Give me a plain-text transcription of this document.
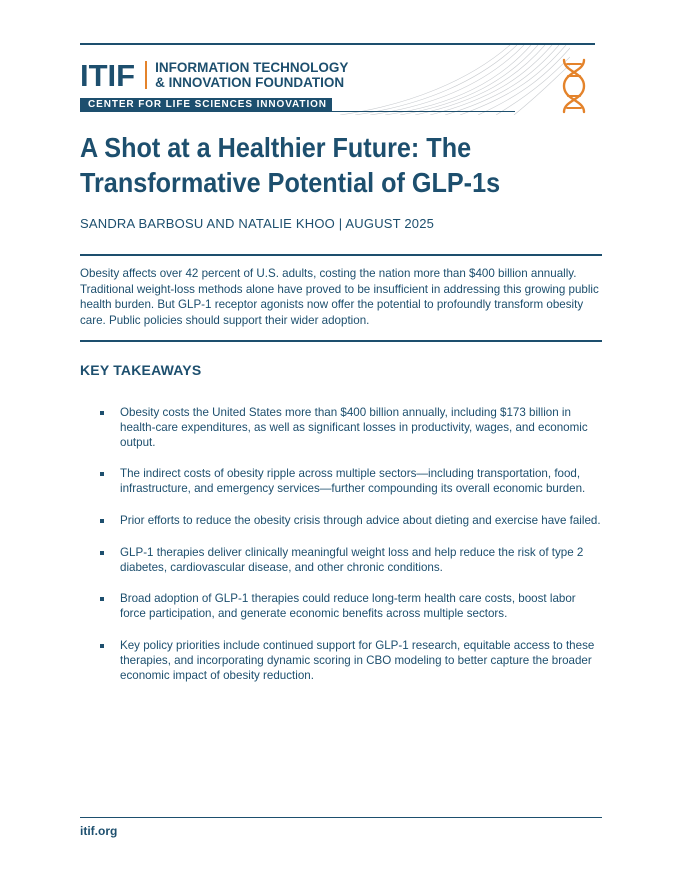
ITIF INFORMATION TECHNOLOGY
& INNOVATION FOUNDATION
CENTER FOR LIFE SCIENCES INNOVATION
A Shot at a Healthier Future: The Transformative Potential of GLP-1s
SANDRA BARBOSU AND NATALIE KHOO | AUGUST 2025

Obesity affects over 42 percent of U.S. adults, costing the nation more than $400 billion annually. Traditional weight-loss methods alone have proved to be insufficient in addressing this growing public health burden. But GLP-1 receptor agonists now offer the potential to profoundly transform obesity care. Public policies should support their wider adoption.

KEY TAKEAWAYS
Obesity costs the United States more than $400 billion annually, including $173 billion in health-care expenditures, as well as significant losses in productivity, wages, and economic output.
The indirect costs of obesity ripple across multiple sectors—including transportation, food, infrastructure, and emergency services—further compounding its overall economic burden.
Prior efforts to reduce the obesity crisis through advice about dieting and exercise have failed.
GLP-1 therapies deliver clinically meaningful weight loss and help reduce the risk of type 2 diabetes, cardiovascular disease, and other chronic conditions.
Broad adoption of GLP-1 therapies could reduce long-term health care costs, boost labor force participation, and generate economic benefits across multiple sectors.
Key policy priorities include continued support for GLP-1 research, equitable access to these therapies, and incorporating dynamic scoring in CBO modeling to better capture the broader economic impact of obesity reduction.
itif.org
